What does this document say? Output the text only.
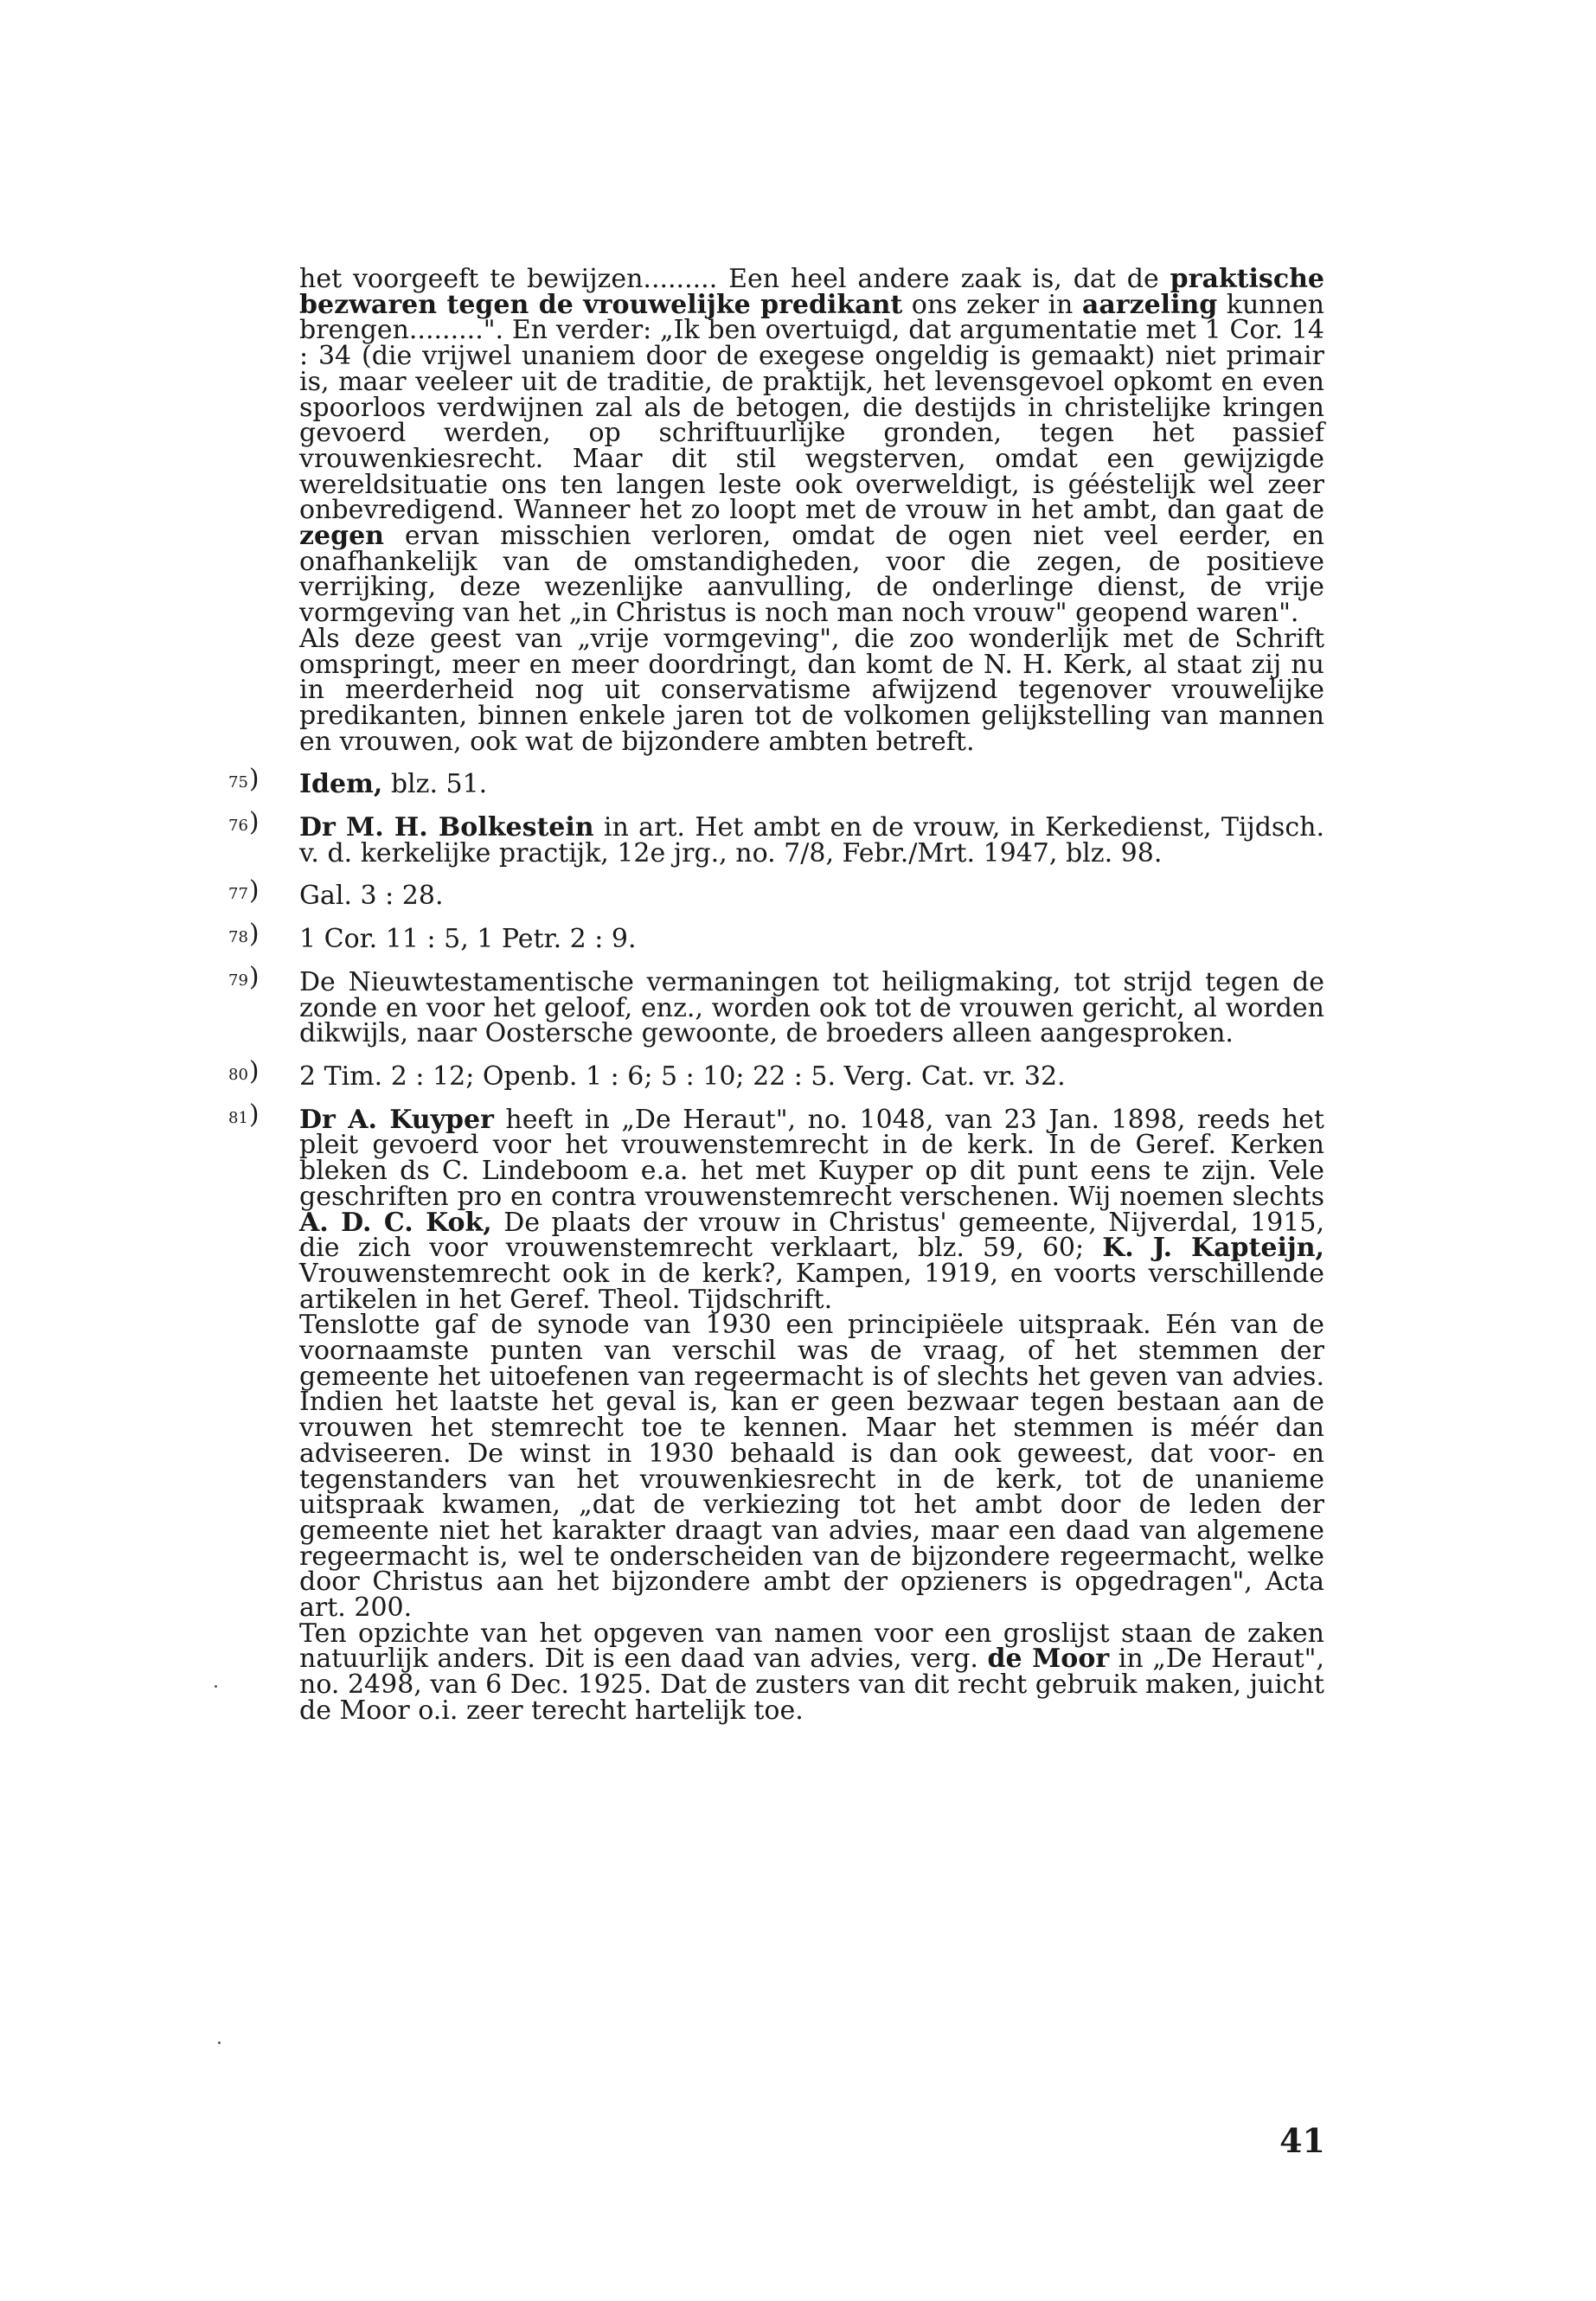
het voorgeeft te bewijzen......... Een heel andere zaak is, dat de praktische bezwaren tegen de vrouwelijke predikant ons zeker in aarzeling kunnen brengen.........". En verder: „Ik ben overtuigd, dat argumentatie met 1 Cor. 14 : 34 (die vrijwel unaniem door de exegese ongeldig is gemaakt) niet primair is, maar veeleer uit de traditie, de praktijk, het levensgevoel opkomt en even spoorloos verdwijnen zal als de betogen, die destijds in christelijke kringen gevoerd werden, op schriftuurlijke gronden, tegen het passief vrouwenkiesrecht. Maar dit stil wegsterven, omdat een gewijzigde wereldsituatie ons ten langen leste ook overweldigt, is gééstelijk wel zeer onbevredigend. Wanneer het zo loopt met de vrouw in het ambt, dan gaat de zegen ervan misschien verloren, omdat de ogen niet veel eerder, en onafhankelijk van de omstandigheden, voor die zegen, de positieve verrijking, deze wezenlijke aanvulling, de onderlinge dienst, de vrije vormgeving van het „in Christus is noch man noch vrouw" geopend waren".

Als deze geest van „vrije vormgeving", die zoo wonderlijk met de Schrift omspringt, meer en meer doordringt, dan komt de N. H. Kerk, al staat zij nu in meerderheid nog uit conservatisme afwijzend tegenover vrouwelijke predikanten, binnen enkele jaren tot de volkomen gelijkstelling van mannen en vrouwen, ook wat de bijzondere ambten betreft.

75 )	Idem, blz. 51.
76 )	Dr M. H. Bolkestein in art. Het ambt en de vrouw, in Kerkedienst, Tijdsch. v. d. kerkelijke practijk, 12e jrg., no. 7/8, Febr./Mrt. 1947, blz. 98.
77 )	Gal. 3 : 28.
78 )	1 Cor. 11 : 5, 1 Petr. 2 : 9.
79 )	De Nieuwtestamentische vermaningen tot heiligmaking, tot strijd tegen de zonde en voor het geloof, enz., worden ook tot de vrouwen gericht, al worden dikwijls, naar Oostersche gewoonte, de broeders alleen aangesproken.
80 )	2 Tim. 2 : 12; Openb. 1 : 6; 5 : 10; 22 : 5. Verg. Cat. vr. 32.
81 )	Dr A. Kuyper heeft in „De Heraut", no. 1048, van 23 Jan. 1898, reeds het pleit gevoerd voor het vrouwenstemrecht in de kerk. In de Geref. Kerken bleken ds C. Lindeboom e.a. het met Kuyper op dit punt eens te zijn. Vele geschriften pro en contra vrouwenstemrecht verschenen. Wij noemen slechts A. D. C. Kok, De plaats der vrouw in Christus' gemeente, Nijverdal, 1915, die zich voor vrouwenstemrecht verklaart, blz. 59, 60; K. J. Kapteijn, Vrouwenstemrecht ook in de kerk?, Kampen, 1919, en voorts verschillende artikelen in het Geref. Theol. Tijdschrift.

Tenslotte gaf de synode van 1930 een principiëele uitspraak. Eén van de voornaamste punten van verschil was de vraag, of het stemmen der gemeente het uitoefenen van regeermacht is of slechts het geven van advies. Indien het laatste het geval is, kan er geen bezwaar tegen bestaan aan de vrouwen het stemrecht toe te kennen. Maar het stemmen is méér dan adviseeren. De winst in 1930 behaald is dan ook geweest, dat voor- en tegenstanders van het vrouwenkiesrecht in de kerk, tot de unanieme uitspraak kwamen, „dat de verkiezing tot het ambt door de leden der gemeente niet het karakter draagt van advies, maar een daad van algemene regeermacht is, wel te onderscheiden van de bijzondere regeermacht, welke door Christus aan het bijzondere ambt der opzieners is opgedragen", Acta art. 200.

Ten opzichte van het opgeven van namen voor een groslijst staan de zaken natuurlijk anders. Dit is een daad van advies, verg. de Moor in „De Heraut", no. 2498, van 6 Dec. 1925. Dat de zusters van dit recht gebruik maken, juicht de Moor o.i. zeer terecht hartelijk toe.

41
